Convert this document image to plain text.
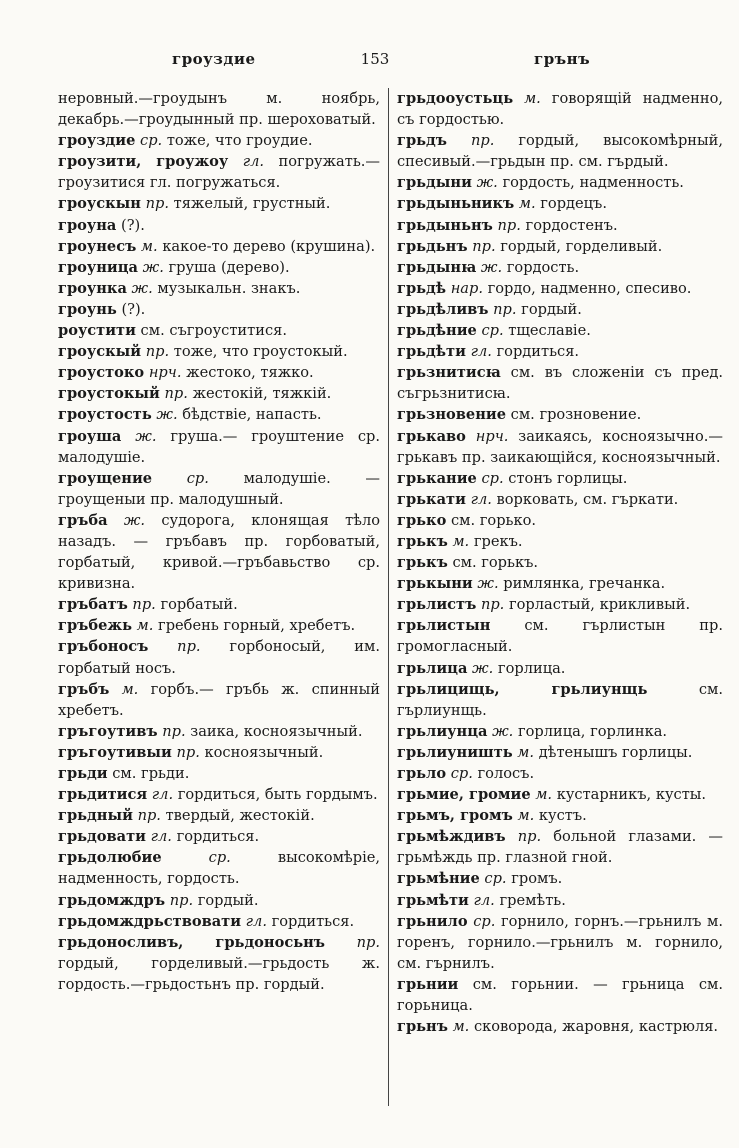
гроуздие	153	грънъ

неровный.—гроудынъ м. ноябрь, декабрь.—гроудынный пр. шероховатый.

гроуздие ср. тоже, что гроудие.

гроузити, гроужоу гл. погружать.—гроузитися гл. погружаться.

гроускын пр. тяжелый, грустный.

гроуна (?).

гроунесъ м. какое-то дерево (крушина).

гроуница ж. груша (дерево).

гроунка ж. музыкальн. знакъ.

гроунь (?).

роустити см. съгроуститися.

гроускый пр. тоже, что гроустокый.

гроустоко нрч. жестоко, тяжко.

гроустокый пр. жестокій, тяжкій.

гроустость ж. бѣдствіе, напасть.

гроуша ж. груша.— гроуштение ср. малодушіе.

гроущение ср. малодушіе. — гроущеныи пр. малодушный.

гръба ж. судорога, клонящая тѣло назадъ. — гръбавъ пр. горбоватый, горбатый, кривой.—гръбавьство ср. кривизна.

гръбатъ пр. горбатый.

гръбежь м. гребень горный, хребетъ.

гръбоносъ пр. горбоносый, им. горбатый носъ.

гръбъ м. горбъ.— гръбь ж. спинный хребетъ.

гръгоутивъ пр. заика, косноязычный.

гръгоутивыи пр. косноязычный.

грьди см. грьди.

грьдитися гл. гордиться, быть гордымъ.

грьдный пр. твердый, жестокій.

грьдовати гл. гордиться.

грьдолюбие	ср.	высокомѣріе, надменность, гордость.

грьдомждръ пр. гордый.

грьдомждрьствовати гл. гордиться.

грьдоносливъ, грьдоносьнъ пр. гордый, горделивый.—грьдость ж. гордость.—грьдостьнъ пр. гордый.

грьдооустьць м. говорящій надменно, съ гордостью.

грьдъ пр. гордый, высокомѣрный, спесивый.—грьдын пр. см. гърдый.

грьдыни ж. гордость, надменность.

грьдыньникъ м. гордецъ.

грьдыньнъ пр. гордостенъ.

грьдьнъ пр. гордый, горделивый.

грьдынꙗ ж. гордость.

грьдѣ нар. гордо, надменно, спесиво.

грьдѣливъ пр. гордый.

грьдѣние ср. тщеславіе.

грьдѣти гл. гордиться.

грьзнитисꙗ см. въ сложеніи съ пред. съгрьзнитисꙗ.

грьзновение см. грозновение.

грькаво нрч. заикаясь, косноязычно.—грькавъ пр. заикающійся, косноязычный.

грькание ср. стонъ горлицы.

грькати гл. ворковать, см. гъркати.

грько см. горько.

грькъ м. грекъ.

грькъ см. горькъ.

грькыни ж. римлянка, гречанка.

грьлистъ пр. горластый, крикливый.

грьлистын см. гърлистын пр. громогласный.

грьлица ж. горлица.

грьлицищь, грьлиунщь	см. гърлиунщь.

грьлиунца ж. горлица, горлинка.

грьлиуништь м. дѣтенышъ горлицы.

грьло ср. голосъ.

грьмие, громие м. кустарникъ, кусты.

грьмъ, громъ м. кустъ.

грьмѣждивъ пр. больной глазами. — грьмѣждь пр. глазной гной.

грьмѣние ср. громъ.

грьмѣти гл. гремѣть.

грьнило ср. горнило, горнъ.—грьнилъ м. горенъ, горнило.—грьнилъ м. горнило, см. гърнилъ.

грьнии см. горьнии. — грьница см. горьница.

грьнъ м. сковорода, жаровня, кастрюля.
